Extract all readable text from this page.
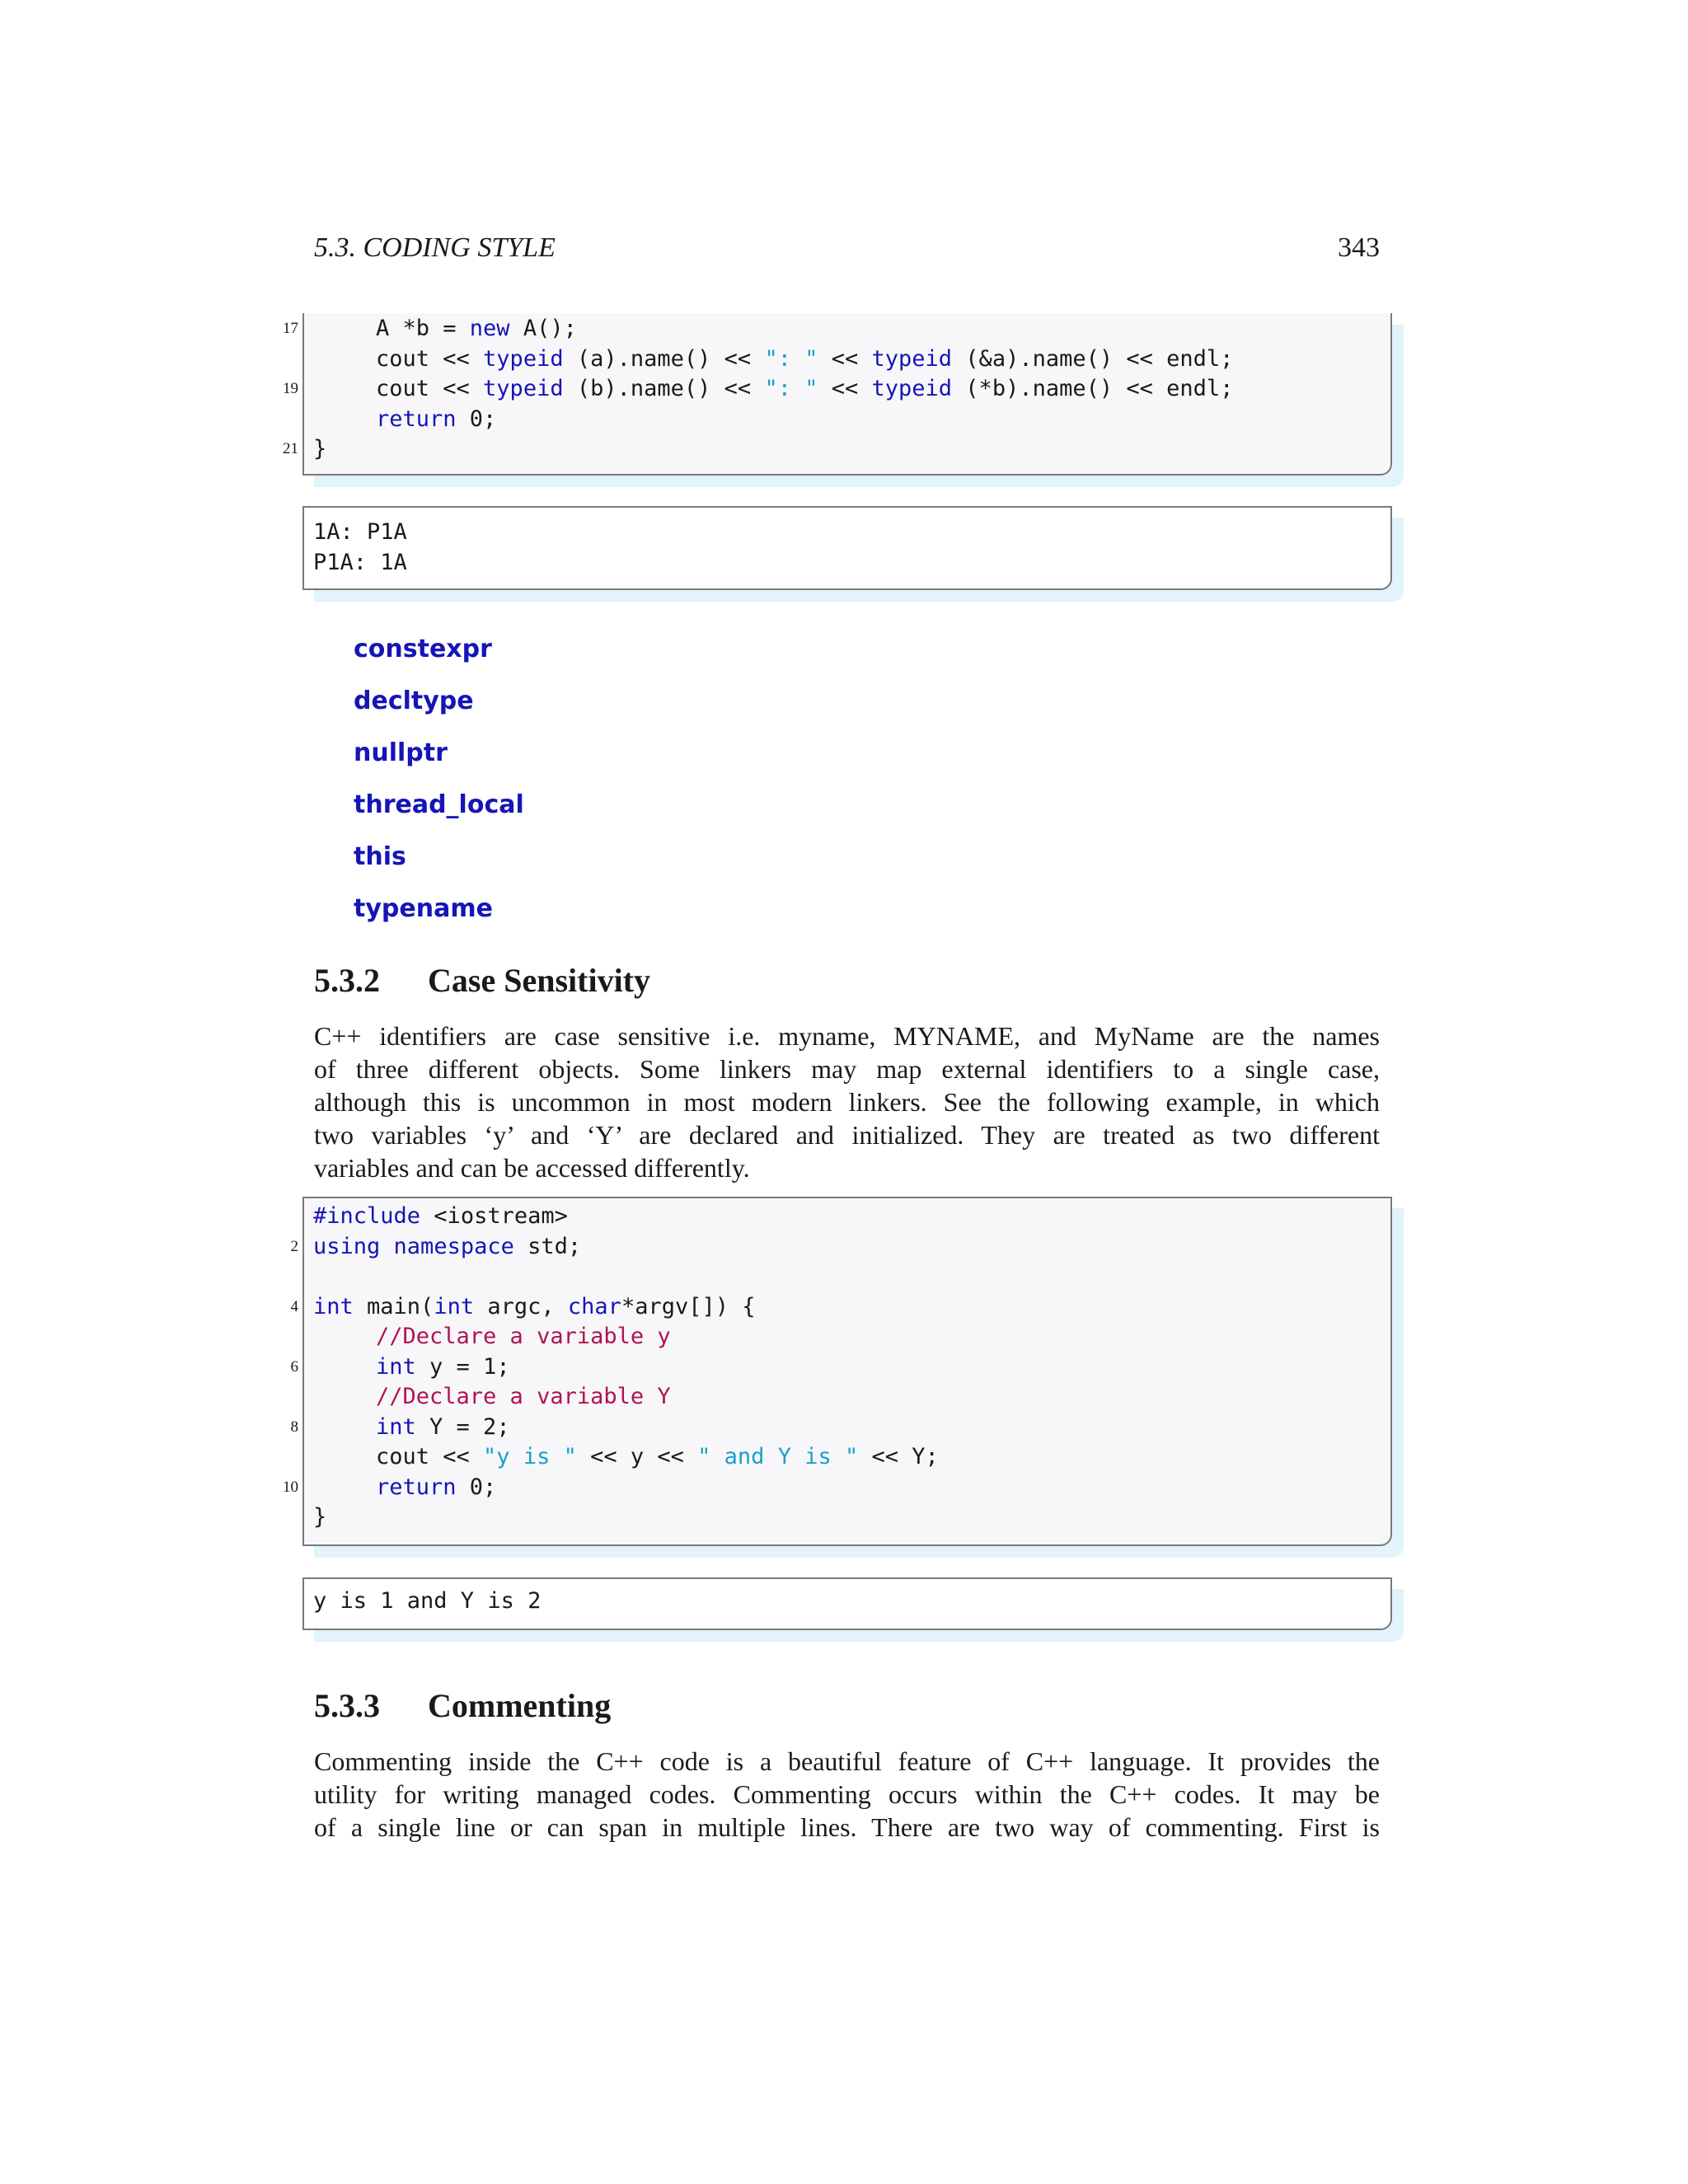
5.3. CODING STYLE	343
17	A *b = new A();
cout << typeid (a).name() << ": " << typeid (&a).name() << endl;
19	cout << typeid (b).name() << ": " << typeid (*b).name() << endl;
return 0;
21 }
1A: P1A
P1A: 1A
constexpr
decltype
nullptr
thread_local
this
typename
5.3.2 Case Sensitivity
C++ identifiers are case sensitive i.e. myname, MYNAME, and MyName are the names
of three different objects. Some linkers may map external identifiers to a single case,
although this is uncommon in most modern linkers. See the following example, in which
two variables ‘y’ and ‘Y’ are declared and initialized. They are treated as two different
variables and can be accessed differently.
#include <iostream>
2 using namespace std;
4 int main(int argc, char*argv[]) {
//Declare a variable y
6	int y = 1;
//Declare a variable Y
8	int Y = 2;
cout << "y is " << y << " and Y is " << Y;
10	return 0;
}
y is 1 and Y is 2
5.3.3 Commenting
Commenting inside the C++ code is a beautiful feature of C++ language. It provides the
utility for writing managed codes. Commenting occurs within the C++ codes. It may be
of a single line or can span in multiple lines. There are two way of commenting. First is
